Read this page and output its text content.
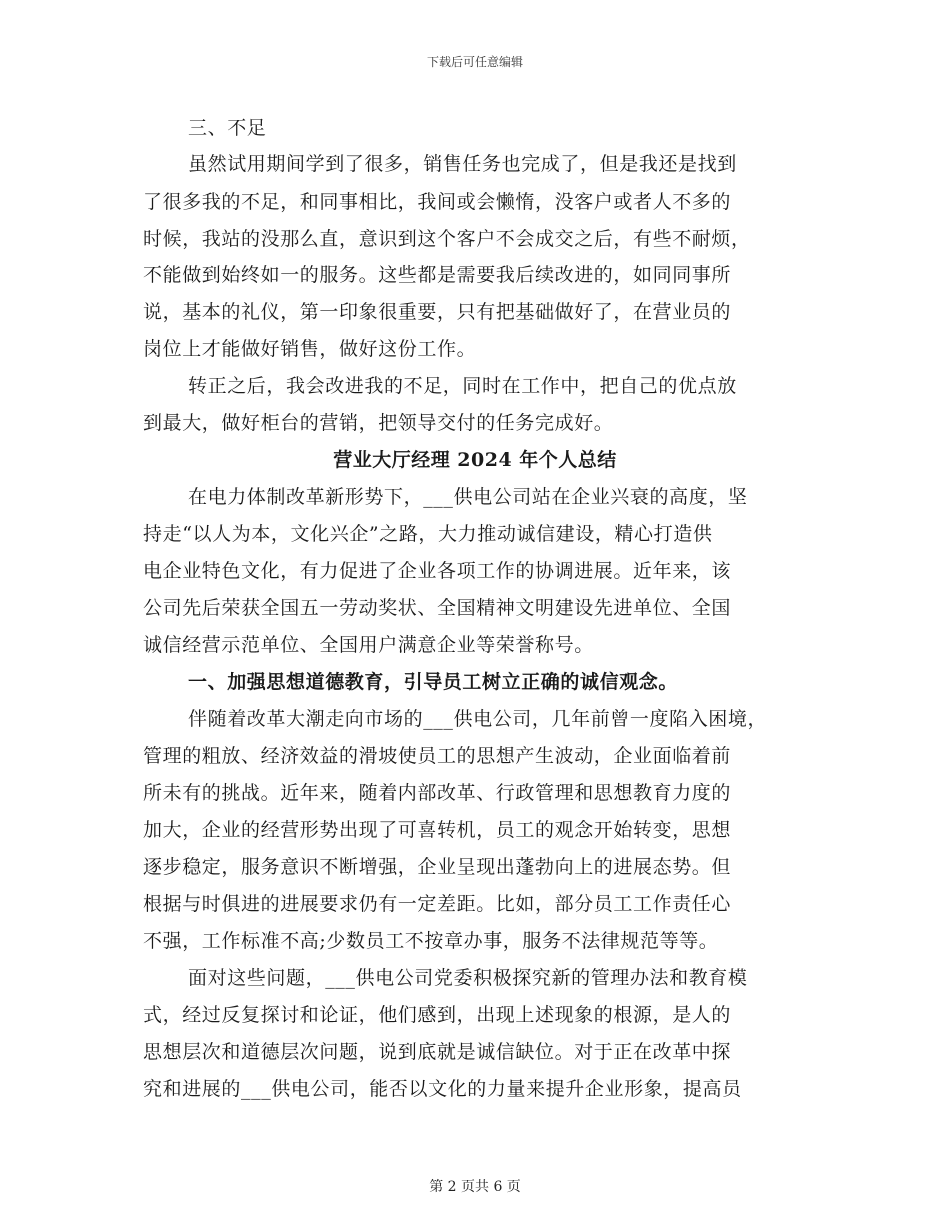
下载后可任意编辑
三、不足
虽然试用期间学到了很多，销售任务也完成了，但是我还是找到
了很多我的不足，和同事相比，我间或会懒惰，没客户或者人不多的
时候，我站的没那么直，意识到这个客户不会成交之后，有些不耐烦，
不能做到始终如一的服务。这些都是需要我后续改进的，如同同事所
说，基本的礼仪，第一印象很重要，只有把基础做好了，在营业员的
岗位上才能做好销售，做好这份工作。
转正之后，我会改进我的不足，同时在工作中，把自己的优点放
到最大，做好柜台的营销，把领导交付的任务完成好。
营业大厅经理 2024 年个人总结
在电力体制改革新形势下，___供电公司站在企业兴衰的高度，坚
持走“以人为本，文化兴企”之路，大力推动诚信建设，精心打造供
电企业特色文化，有力促进了企业各项工作的协调进展。近年来，该
公司先后荣获全国五一劳动奖状、全国精神文明建设先进单位、全国
诚信经营示范单位、全国用户满意企业等荣誉称号。
一、加强思想道德教育，引导员工树立正确的诚信观念。
伴随着改革大潮走向市场的___供电公司，几年前曾一度陷入困境，
管理的粗放、经济效益的滑坡使员工的思想产生波动，企业面临着前
所未有的挑战。近年来，随着内部改革、行政管理和思想教育力度的
加大，企业的经营形势出现了可喜转机，员工的观念开始转变，思想
逐步稳定，服务意识不断增强，企业呈现出蓬勃向上的进展态势。但
根据与时俱进的进展要求仍有一定差距。比如，部分员工工作责任心
不强，工作标准不高;少数员工不按章办事，服务不法律规范等等。
面对这些问题，___供电公司党委积极探究新的管理办法和教育模
式，经过反复探讨和论证，他们感到，出现上述现象的根源，是人的
思想层次和道德层次问题，说到底就是诚信缺位。对于正在改革中探
究和进展的___供电公司，能否以文化的力量来提升企业形象，提高员
第 2 页共 6 页
